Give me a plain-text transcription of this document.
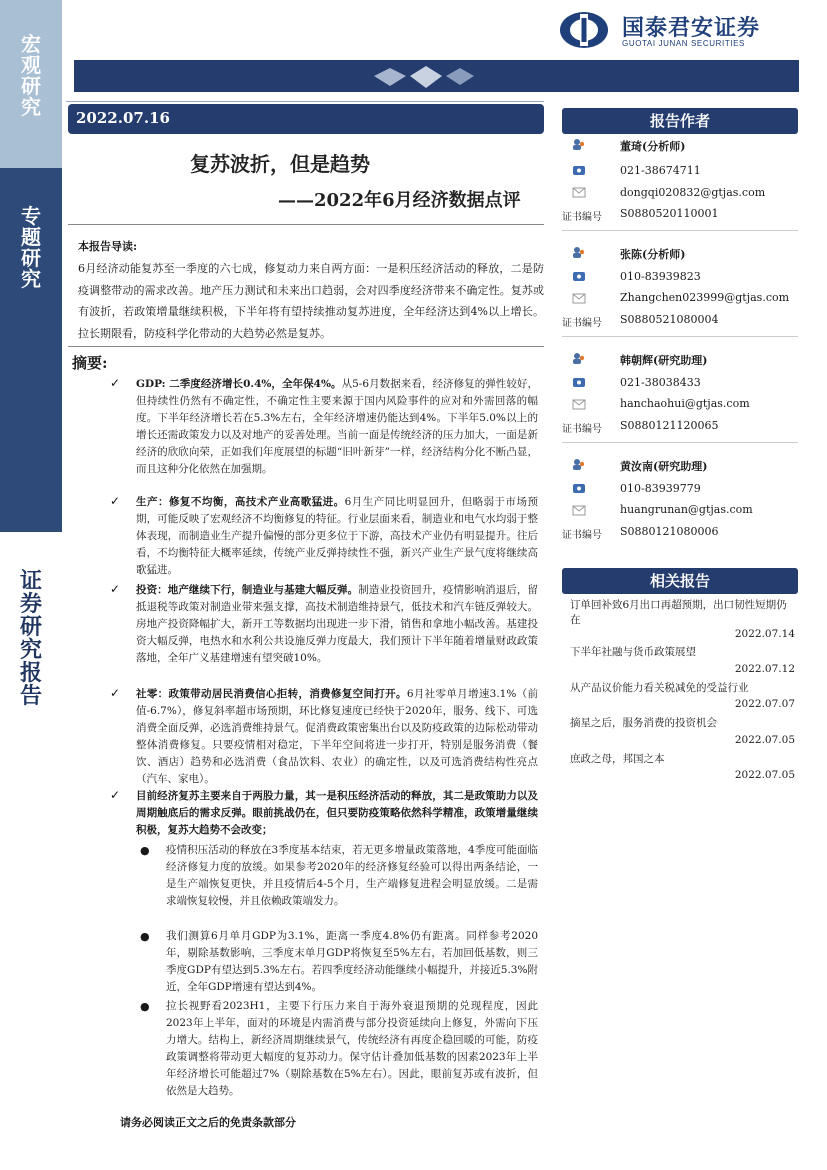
宏
观
研
究
专
题
研
究
证
券
研
究
报
告
国泰君安证券
GUOTAI JUNAN SECURITIES
2022.07.16
复苏波折，但是趋势
——2022年6月经济数据点评
本报告导读:
6月经济动能复苏至一季度的六七成，修复动力来自两方面：一是积压经济活动的释放，二是防疫调整带动的需求改善。地产压力测试和未来出口趋弱，会对四季度经济带来不确定性。复苏或有波折，若政策增量继续积极，下半年将有望持续推动复苏进度，全年经济达到4%以上增长。拉长期限看，防疫科学化带动的大趋势必然是复苏。
摘要:
✓ GDP: 二季度经济增长0.4%，全年保4%。从5-6月数据来看，经济修复的弹性较好，但持续性仍然有不确定性，不确定性主要来源于国内风险事件的应对和外需回落的幅度。下半年经济增长若在5.3%左右，全年经济增速仍能达到4%。下半年5.0%以上的增长还需政策发力以及对地产的妥善处理。当前一面是传统经济的压力加大，一面是新经济的欣欣向荣，正如我们年度展望的标题“旧叶新芽”一样，经济结构分化不断凸显，而且这种分化依然在加强期。
✓ 生产：修复不均衡，高技术产业高歌猛进。6月生产同比明显回升，但略弱于市场预期，可能反映了宏观经济不均衡修复的特征。行业层面来看，制造业和电气水均弱于整体表现，而制造业生产提升偏慢的部分更多位于下游，高技术产业仍有明显提升。往后看，不均衡特征大概率延续，传统产业反弹持续性不强，新兴产业生产景气度将继续高歌猛进。
✓ 投资：地产继续下行，制造业与基建大幅反弹。制造业投资回升，疫情影响消退后，留抵退税等政策对制造业带来强支撑，高技术制造维持景气，低技术和汽车链反弹较大。房地产投资降幅扩大，新开工等数据均出现进一步下滑，销售和拿地小幅改善。基建投资大幅反弹，电热水和水利公共设施反弹力度最大，我们预计下半年随着增量财政政策落地，全年广义基建增速有望突破10%。
✓ 社零：政策带动居民消费信心拒转，消费修复空间打开。6月社零单月增速3.1%（前值-6.7%），修复斜率超市场预期，环比修复速度已经快于2020年，服务、线下、可选消费全面反弹，必选消费维持景气。促消费政策密集出台以及防疫政策的边际松动带动整体消费修复。只要疫情相对稳定，下半年空间将进一步打开，特别是服务消费（餐饮、酒店）趋势和必选消费（食品饮料、农业）的确定性，以及可选消费结构性亮点（汽车、家电）。
✓ 目前经济复苏主要来自于两股力量，其一是积压经济活动的释放，其二是政策助力以及周期触底后的需求反弹。眼前挑战仍在，但只要防疫策略依然科学精准，政策增量继续积极，复苏大趋势不会改变；
● 疫情积压活动的释放在3季度基本结束，若无更多增量政策落地，4季度可能面临经济修复力度的放缓。如果参考2020年的经济修复经验可以得出两条结论，一是生产端恢复更快，并且疫情后4-5个月，生产端修复进程会明显放缓。二是需求端恢复较慢，并且依赖政策端发力。
● 我们测算6月单月GDP为3.1%，距离一季度4.8%仍有距离。同样参考2020年，剔除基数影响，三季度末单月GDP将恢复至5%左右，若加回低基数，则三季度GDP有望达到5.3%左右。若四季度经济动能继续小幅提升，并接近5.3%附近，全年GDP增速有望达到4%。
● 拉长视野看2023H1，主要下行压力来自于海外衰退预期的兑现程度，因此2023年上半年，面对的环境是内需消费与部分投资延续向上修复，外需向下压力增大。结构上，新经济周期继续景气，传统经济有再度企稳回暖的可能，防疫政策调整将带动更大幅度的复苏动力。保守估计叠加低基数的因素2023年上半年经济增长可能超过7%（剔除基数在5%左右）。因此，眼前复苏或有波折，但依然是大趋势。
请务必阅读正文之后的免责条款部分
报告作者
董琦(分析师)
021-38674711
dongqi020832@gtjas.com
证书编号 S0880520110001
张陈(分析师)
010-83939823
Zhangchen023999@gtjas.com
证书编号 S0880521080004
韩朝辉(研究助理)
021-38038433
hanchaohui@gtjas.com
证书编号 S0880121120065
黄汝南(研究助理)
010-83939779
huangrunan@gtjas.com
证书编号 S0880121080006
相关报告
订单回补致6月出口再超预期，出口韧性短期仍在
2022.07.14
下半年社融与货币政策展望
2022.07.12
从产品议价能力看关税减免的受益行业
2022.07.07
摘星之后，服务消费的投资机会
2022.07.05
庶政之母，邦国之本
2022.07.05
